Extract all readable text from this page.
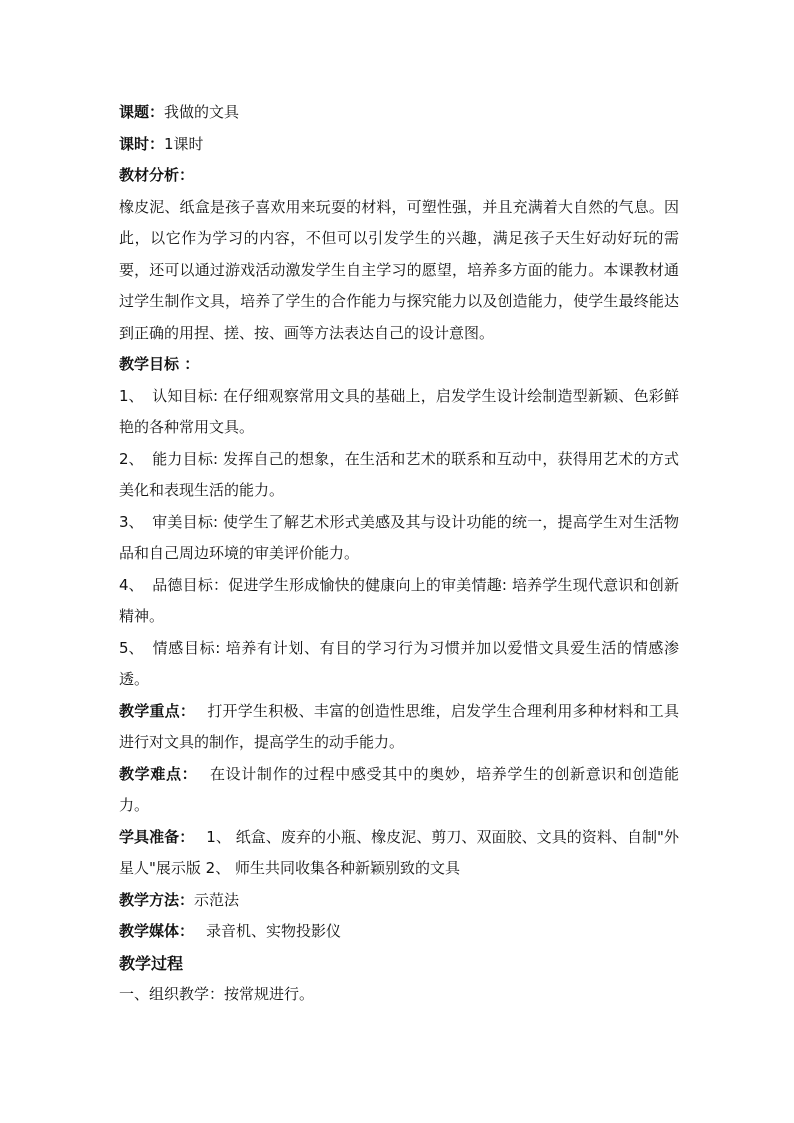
课题：我做的文具

课时：1课时

教材分析：

橡皮泥、纸盒是孩子喜欢用来玩耍的材料，可塑性强，并且充满着大自然的气息。因此，以它作为学习的内容，不但可以引发学生的兴趣，满足孩子天生好动好玩的需要，还可以通过游戏活动激发学生自主学习的愿望，培养多方面的能力。本课教材通过学生制作文具，培养了学生的合作能力与探究能力以及创造能力，使学生最终能达到正确的用捏、搓、按、画等方法表达自己的设计意图。

教学目标 ：

1、 认知目标: 在仔细观察常用文具的基础上，启发学生设计绘制造型新颖、色彩鲜艳的各种常用文具。

2、 能力目标: 发挥自己的想象，在生活和艺术的联系和互动中，获得用艺术的方式美化和表现生活的能力。

3、 审美目标: 使学生了解艺术形式美感及其与设计功能的统一，提高学生对生活物品和自己周边环境的审美评价能力。

4、 品德目标：促进学生形成愉快的健康向上的审美情趣: 培养学生现代意识和创新精神。

5、 情感目标: 培养有计划、有目的学习行为习惯并加以爱惜文具爱生活的情感渗透。

教学重点： 打开学生积极、丰富的创造性思维，启发学生合理利用多种材料和工具进行对文具的制作，提高学生的动手能力。

教学难点： 在设计制作的过程中感受其中的奥妙，培养学生的创新意识和创造能力。

学具准备： 1、 纸盒、废弃的小瓶、橡皮泥、剪刀、双面胶、文具的资料、自制"外星人"展示版 2、 师生共同收集各种新颖别致的文具

教学方法：示范法

教学媒体： 录音机、实物投影仪

教学过程

一、组织教学：按常规进行。
